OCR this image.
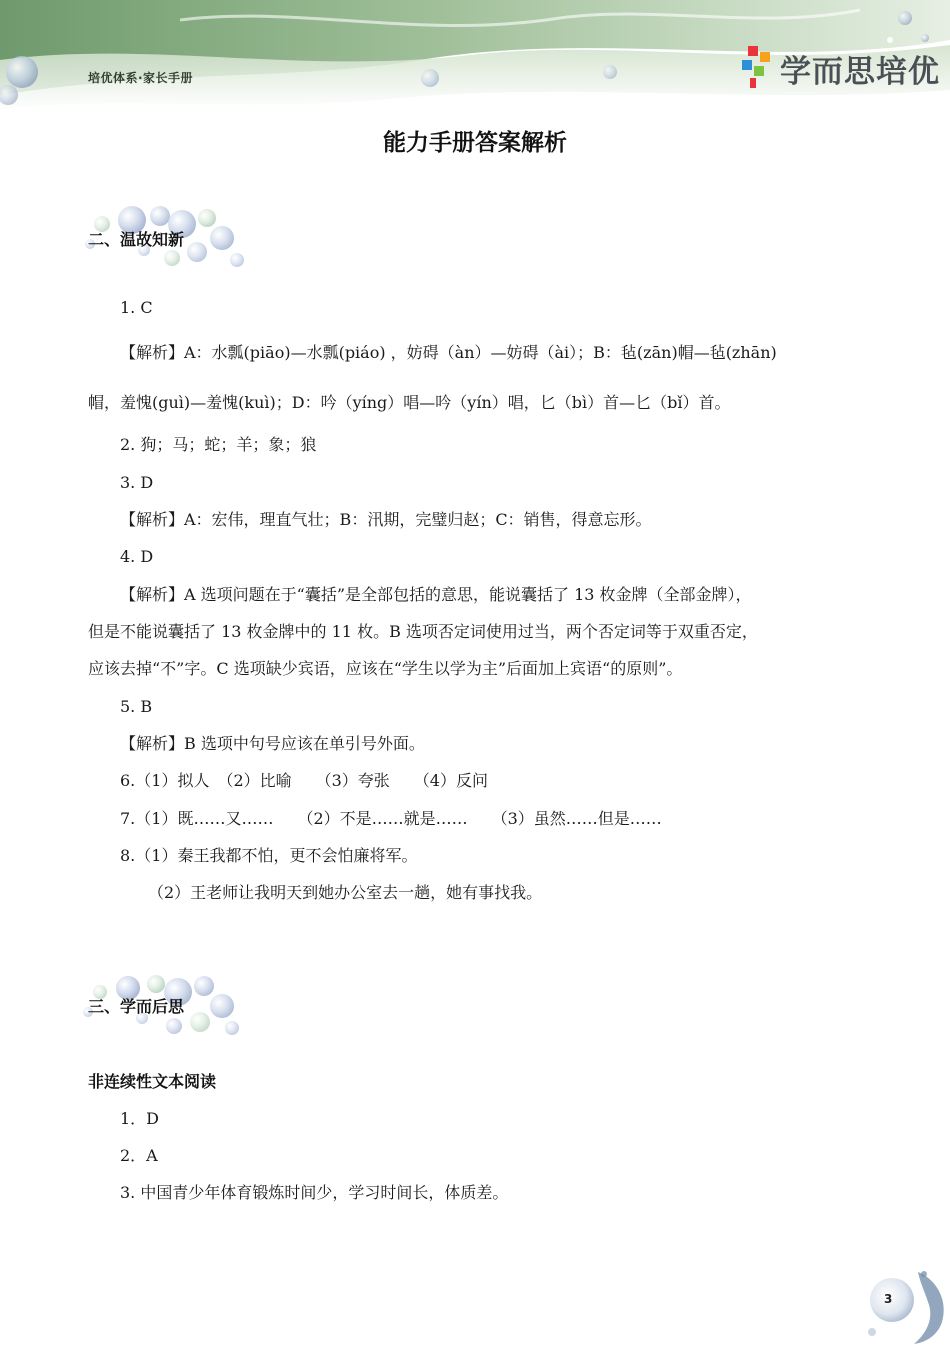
培优体系·家长手册	学而思培优
能力手册答案解析
二、温故知新
1. C
【解析】A：水瓢(piāo)—水瓢(piáo) ，妨碍（àn）—妨碍（ài）；B：毡(zān)帽—毡(zhān)
帽，羞愧(guì)—羞愧(kuì)；D：吟（yíng）唱—吟（yín）唱，匕（bì）首—匕（bǐ）首。
2. 狗；马；蛇；羊；象；狼
3. D
【解析】A：宏伟，理直气壮；B：汛期，完璧归赵；C：销售，得意忘形。
4. D
【解析】A 选项问题在于“囊括”是全部包括的意思，能说囊括了 13 枚金牌（全部金牌），
但是不能说囊括了 13 枚金牌中的 11 枚。B 选项否定词使用过当，两个否定词等于双重否定，
应该去掉“不”字。C 选项缺少宾语，应该在“学生以学为主”后面加上宾语“的原则”。
5. B
【解析】B 选项中句号应该在单引号外面。
6.（1）拟人　（2）比喻　　（3）夸张　　（4）反问
7.（1）既……又……　　（2）不是……就是……　　（3）虽然……但是……
8.（1）秦王我都不怕，更不会怕廉将军。
（2）王老师让我明天到她办公室去一趟，她有事找我。
三、学而后思
非连续性文本阅读
1．D
2．A
3. 中国青少年体育锻炼时间少，学习时间长，体质差。
3
